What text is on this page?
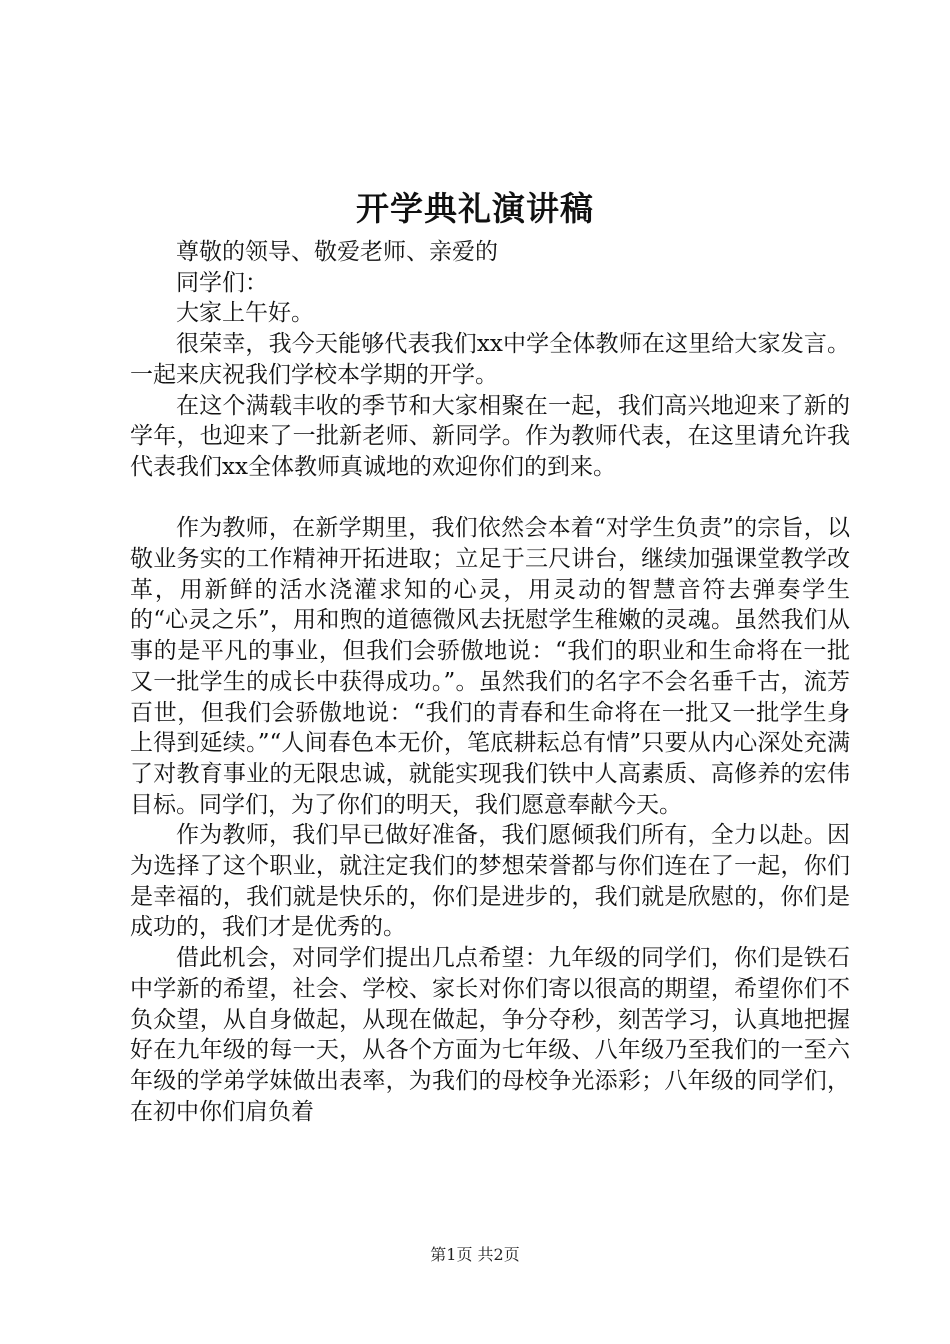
开学典礼演讲稿

尊敬的领导、敬爱老师、亲爱的

同学们：

大家上午好。

很荣幸，我今天能够代表我们xx中学全体教师在这里给大家发言。一起来庆祝我们学校本学期的开学。

在这个满载丰收的季节和大家相聚在一起，我们高兴地迎来了新的学年，也迎来了一批新老师、新同学。作为教师代表，在这里请允许我代表我们xx全体教师真诚地的欢迎你们的到来。

作为教师，在新学期里，我们依然会本着“对学生负责”的宗旨，以敬业务实的工作精神开拓进取；立足于三尺讲台，继续加强课堂教学改革，用新鲜的活水浇灌求知的心灵，用灵动的智慧音符去弹奏学生的“心灵之乐”，用和煦的道德微风去抚慰学生稚嫩的灵魂。虽然我们从事的是平凡的事业，但我们会骄傲地说：“我们的职业和生命将在一批又一批学生的成长中获得成功。”。虽然我们的名字不会名垂千古，流芳百世，但我们会骄傲地说：“我们的青春和生命将在一批又一批学生身上得到延续。”“人间春色本无价，笔底耕耘总有情”只要从内心深处充满了对教育事业的无限忠诚，就能实现我们铁中人高素质、高修养的宏伟目标。同学们，为了你们的明天，我们愿意奉献今天。

作为教师，我们早已做好准备，我们愿倾我们所有，全力以赴。因为选择了这个职业，就注定我们的梦想荣誉都与你们连在了一起，你们是幸福的，我们就是快乐的，你们是进步的，我们就是欣慰的，你们是成功的，我们才是优秀的。

借此机会，对同学们提出几点希望：九年级的同学们，你们是铁石中学新的希望，社会、学校、家长对你们寄以很高的期望，希望你们不负众望，从自身做起，从现在做起，争分夺秒，刻苦学习，认真地把握好在九年级的每一天，从各个方面为七年级、八年级乃至我们的一至六年级的学弟学妹做出表率，为我们的母校争光添彩；八年级的同学们，在初中你们肩负着

第1页 共2页
